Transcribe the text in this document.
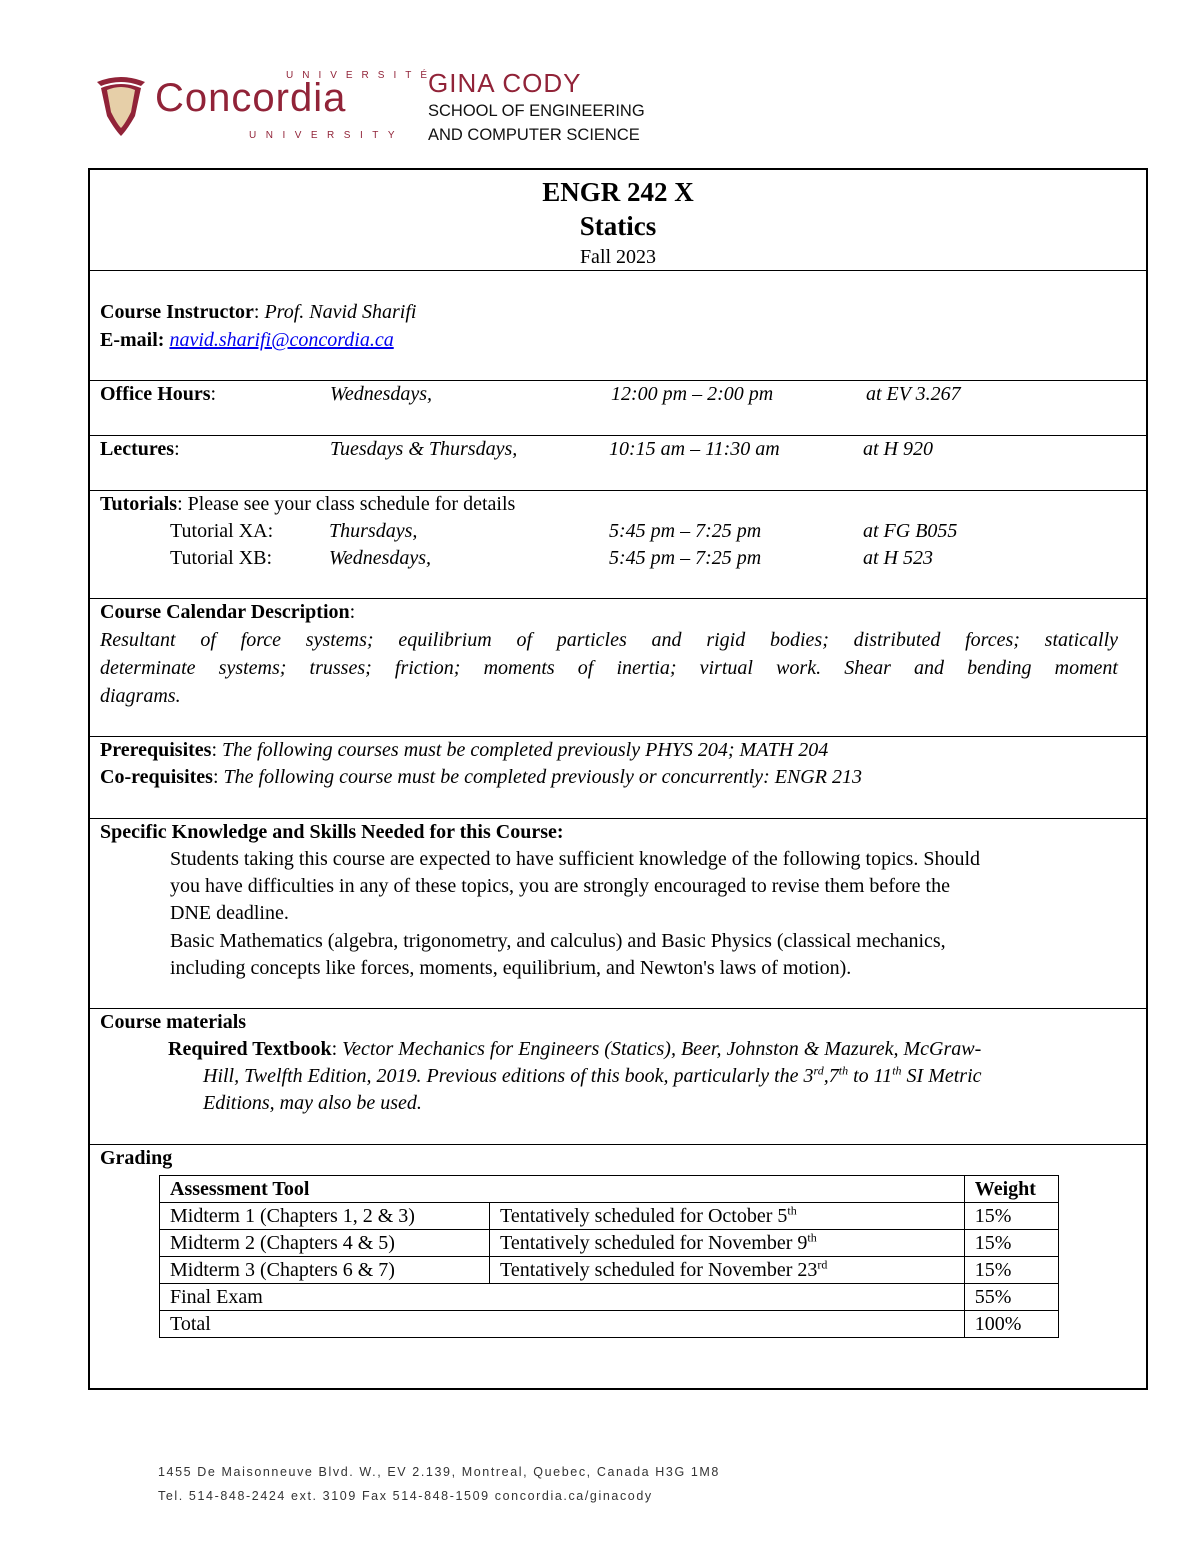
UNIVERSITÉ
Concordia
UNIVERSITY
GINA CODY
SCHOOL OF ENGINEERING
AND COMPUTER SCIENCE
ENGR 242 X
Statics
Fall 2023
Course Instructor: Prof. Navid Sharifi
E-mail: navid.sharifi@concordia.ca
Office Hours:	Wednesdays,	12:00 pm – 2:00 pm	at EV 3.267
Lectures:	Tuesdays & Thursdays,	10:15 am – 11:30 am	at H 920
Tutorials: Please see your class schedule for details
Tutorial XA:	Thursdays,	5:45 pm – 7:25 pm	at FG B055
Tutorial XB:	Wednesdays,	5:45 pm – 7:25 pm	at H 523
Course Calendar Description:
Resultant of force systems; equilibrium of particles and rigid bodies; distributed forces; statically
determinate systems; trusses; friction; moments of inertia; virtual work. Shear and bending moment
diagrams.
Prerequisites: The following courses must be completed previously PHYS 204; MATH 204
Co-requisites: The following course must be completed previously or concurrently: ENGR 213
Specific Knowledge and Skills Needed for this Course:
Students taking this course are expected to have sufficient knowledge of the following topics. Should
you have difficulties in any of these topics, you are strongly encouraged to revise them before the
DNE deadline.
Basic Mathematics (algebra, trigonometry, and calculus) and Basic Physics (classical mechanics,
including concepts like forces, moments, equilibrium, and Newton's laws of motion).
Course materials
Required Textbook: Vector Mechanics for Engineers (Statics), Beer, Johnston & Mazurek, McGraw-
Hill, Twelfth Edition, 2019. Previous editions of this book, particularly the 3rd,7th to 11th SI Metric
Editions, may also be used.
Grading
Assessment Tool		Weight
Midterm 1 (Chapters 1, 2 & 3)	Tentatively scheduled for October 5th	15%
Midterm 2 (Chapters 4 & 5)	Tentatively scheduled for November 9th	15%
Midterm 3 (Chapters 6 & 7)	Tentatively scheduled for November 23rd	15%
Final Exam		55%
Total		100%
1455 De Maisonneuve Blvd. W., EV 2.139, Montreal, Quebec, Canada H3G 1M8
Tel. 514-848-2424 ext. 3109 Fax 514-848-1509 concordia.ca/ginacody
